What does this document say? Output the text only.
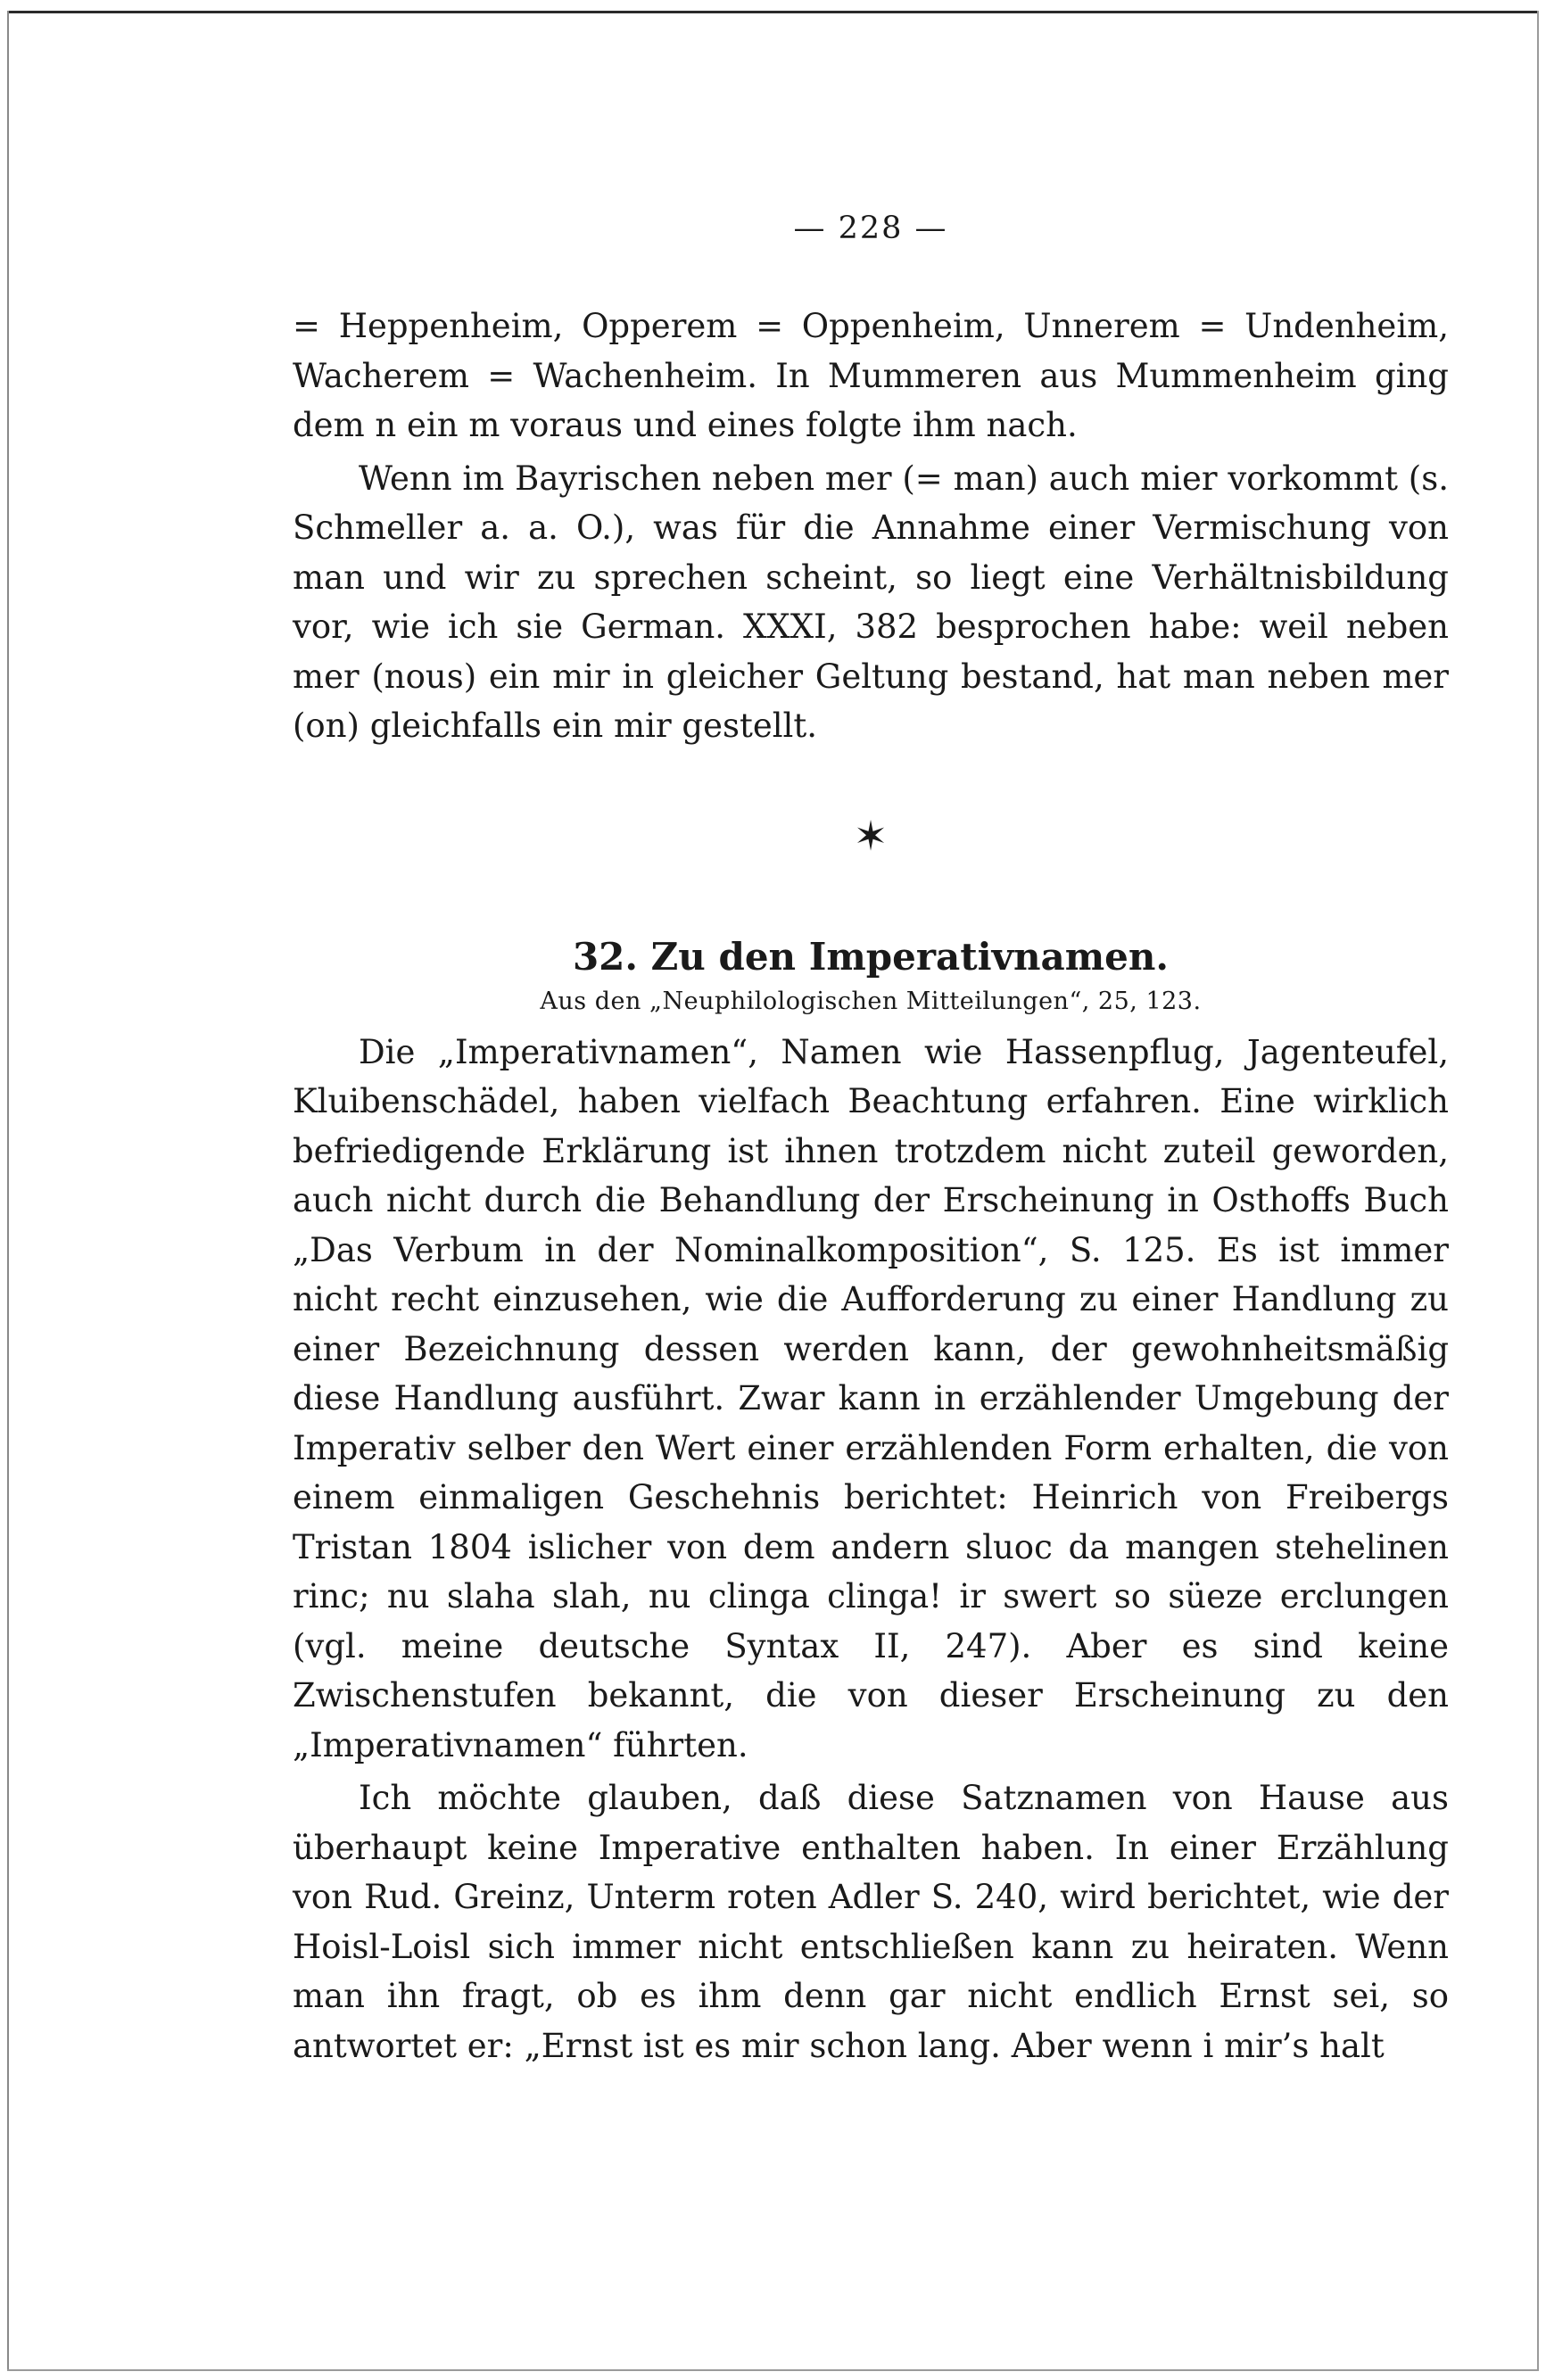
— 228 —

= Heppenheim, Opperem = Oppenheim, Unnerem = Undenheim, Wacherem = Wachenheim. In Mummeren aus Mummenheim ging dem n ein m voraus und eines folgte ihm nach.

Wenn im Bayrischen neben mer (= man) auch mier vorkommt (s. Schmeller a. a. O.), was für die Annahme einer Vermischung von man und wir zu sprechen scheint, so liegt eine Verhältnisbildung vor, wie ich sie German. XXXI, 382 besprochen habe: weil neben mer (nous) ein mir in gleicher Geltung bestand, hat man neben mer (on) gleichfalls ein mir gestellt.

✶
32. Zu den Imperativnamen.
Aus den „Neuphilologischen Mitteilungen“, 25, 123.

Die „Imperativnamen“, Namen wie Hassenpflug, Jagenteufel, Kluibenschädel, haben vielfach Beachtung erfahren. Eine wirklich befriedigende Erklärung ist ihnen trotzdem nicht zuteil geworden, auch nicht durch die Behandlung der Erscheinung in Osthoffs Buch „Das Verbum in der Nominalkomposition“, S. 125. Es ist immer nicht recht einzusehen, wie die Aufforderung zu einer Handlung zu einer Bezeichnung dessen werden kann, der gewohnheitsmäßig diese Handlung ausführt. Zwar kann in erzählender Umgebung der Imperativ selber den Wert einer erzählenden Form erhalten, die von einem einmaligen Geschehnis berichtet: Heinrich von Freibergs Tristan 1804 islicher von dem andern sluoc da mangen stehelinen rinc; nu slaha slah, nu clinga clinga! ir swert so süeze erclungen (vgl. meine deutsche Syntax II, 247). Aber es sind keine Zwischenstufen bekannt, die von dieser Erscheinung zu den „Imperativnamen“ führten.

Ich möchte glauben, daß diese Satznamen von Hause aus überhaupt keine Imperative enthalten haben. In einer Erzählung von Rud. Greinz, Unterm roten Adler S. 240, wird berichtet, wie der Hoisl-Loisl sich immer nicht entschließen kann zu heiraten. Wenn man ihn fragt, ob es ihm denn gar nicht endlich Ernst sei, so antwortet er: „Ernst ist es mir schon lang. Aber wenn i mir’s halt
